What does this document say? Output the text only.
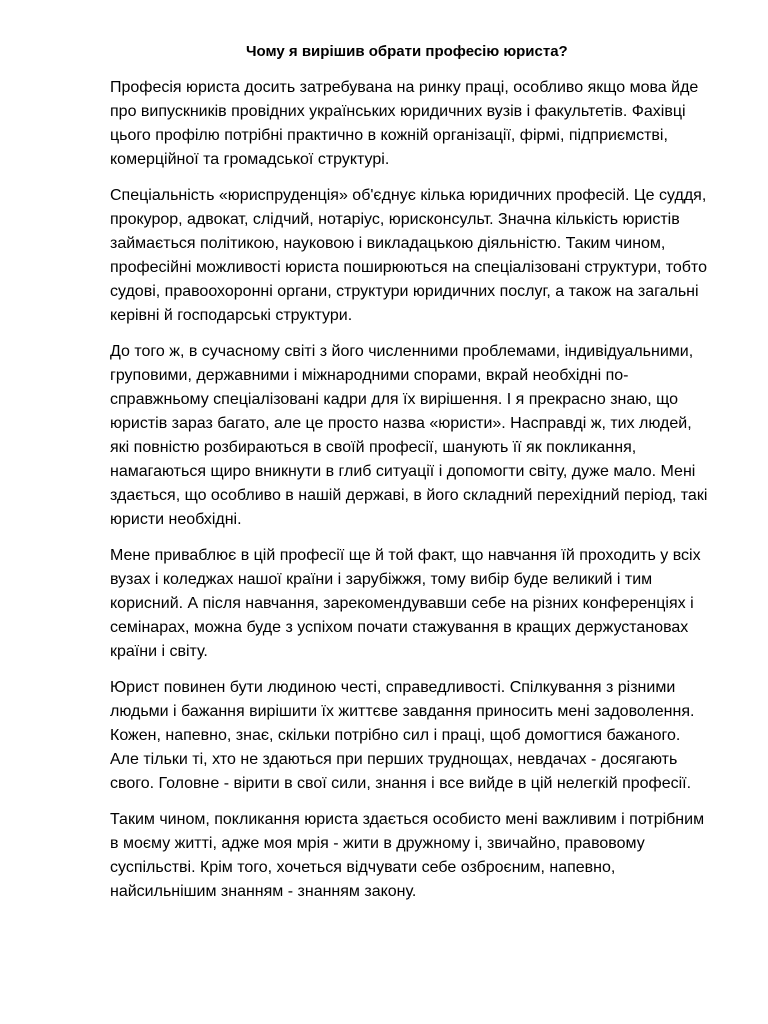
Чому я вирішив обрати професію юриста?

Професія юриста досить затребувана на ринку праці, особливо якщо мова йде про випускників провідних українських юридичних вузів і факультетів. Фахівці цього профілю потрібні практично в кожній організації, фірмі, підприємстві, комерційної та громадської структурі.

Спеціальність «юриспруденція» об'єднує кілька юридичних професій. Це суддя, прокурор, адвокат, слідчий, нотаріус, юрисконсульт. Значна кількість юристів займається політикою, науковою і викладацькою діяльністю. Таким чином, професійні можливості юриста поширюються на спеціалізовані структури, тобто судові, правоохоронні органи, структури юридичних послуг, а також на загальні керівні й господарські структури.

До того ж, в сучасному світі з його численними проблемами, індивідуальними, груповими, державними і міжнародними спорами, вкрай необхідні по-справжньому спеціалізовані кадри для їх вирішення. І я прекрасно знаю, що юристів зараз багато, але це просто назва «юристи». Насправді ж, тих людей, які повністю розбираються в своїй професії, шанують її як покликання, намагаються щиро вникнути в глиб ситуації і допомогти світу, дуже мало. Мені здається, що особливо в нашій державі, в його складний перехідний період, такі юристи необхідні.

Мене приваблює в цій професії ще й той факт, що навчання їй проходить у всіх вузах і коледжах нашої країни і зарубіжжя, тому вибір буде великий і тим корисний. А після навчання, зарекомендувавши себе на різних конференціях і семінарах, можна буде з успіхом почати стажування в кращих держустановах країни і світу.

Юрист повинен бути людиною честі, справедливості. Спілкування з різними людьми і бажання вирішити їх життєве завдання приносить мені задоволення. Кожен, напевно, знає, скільки потрібно сил і праці, щоб домогтися бажаного. Але тільки ті, хто не здаються при перших труднощах, невдачах - досягають свого. Головне - вірити в свої сили, знання і все вийде в цій нелегкій професії.

Таким чином, покликання юриста здається особисто мені важливим і потрібним в моєму житті, адже моя мрія - жити в дружному і, звичайно, правовому суспільстві. Крім того, хочеться відчувати себе озброєним, напевно, найсильнішим знанням - знанням закону.
